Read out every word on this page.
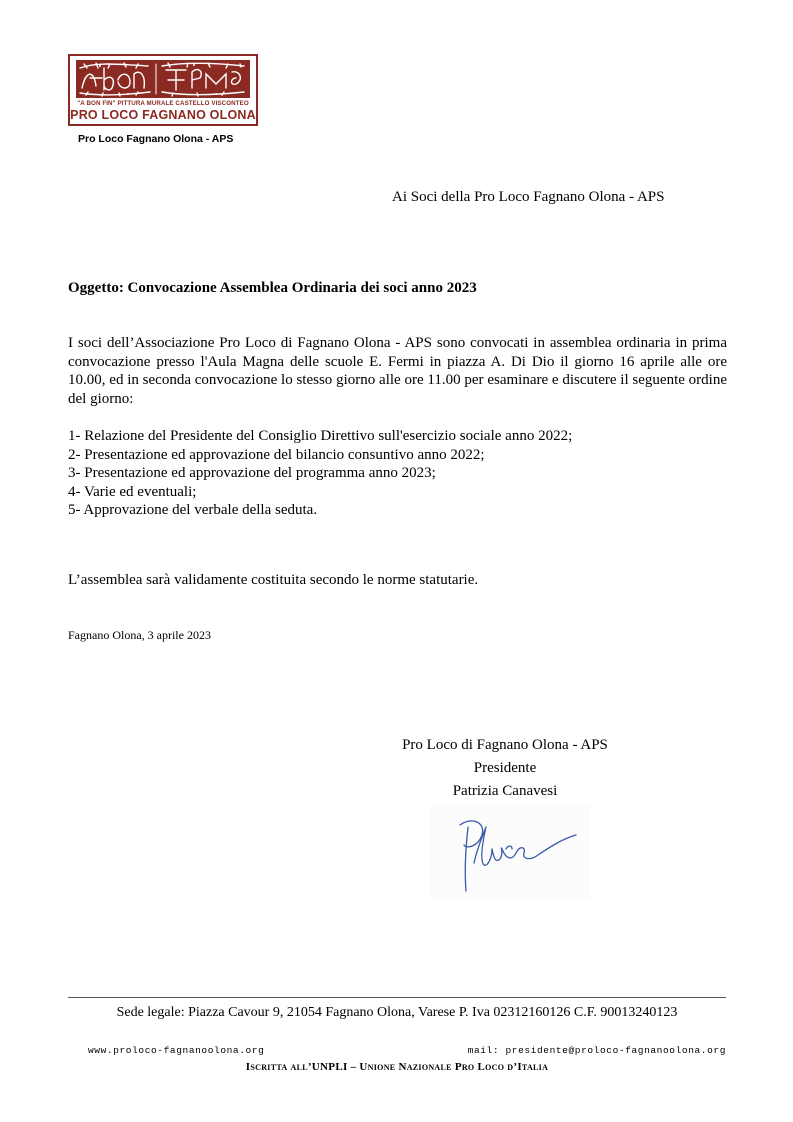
"A BON FIN" PITTURA MURALE CASTELLO VISCONTEO
PRO LOCO FAGNANO OLONA
Pro Loco Fagnano Olona - APS
Ai Soci della Pro Loco Fagnano Olona - APS
Oggetto: Convocazione Assemblea Ordinaria dei soci anno 2023
I soci dell’Associazione Pro Loco di Fagnano Olona - APS sono convocati in assemblea ordinaria in prima convocazione presso l'Aula Magna delle scuole E. Fermi in piazza A. Di Dio il giorno 16 aprile alle ore 10.00, ed in seconda convocazione lo stesso giorno alle ore 11.00 per esaminare e discutere il seguente ordine del giorno:
1- Relazione del Presidente del Consiglio Direttivo sull'esercizio sociale anno 2022;
2- Presentazione ed approvazione del bilancio consuntivo anno 2022;
3- Presentazione ed approvazione del programma anno 2023;
4- Varie ed eventuali;
5- Approvazione del verbale della seduta.
L’assemblea sarà validamente costituita secondo le norme statutarie.
Fagnano Olona, 3 aprile 2023
Pro Loco di Fagnano Olona - APS
Presidente
Patrizia Canavesi
Sede legale: Piazza Cavour 9, 21054 Fagnano Olona, Varese P. Iva 02312160126 C.F. 90013240123
www.proloco-fagnanoolona.org	mail: presidente@proloco-fagnanoolona.org
Iscritta all’UNPLI – Unione Nazionale Pro Loco d’Italia
